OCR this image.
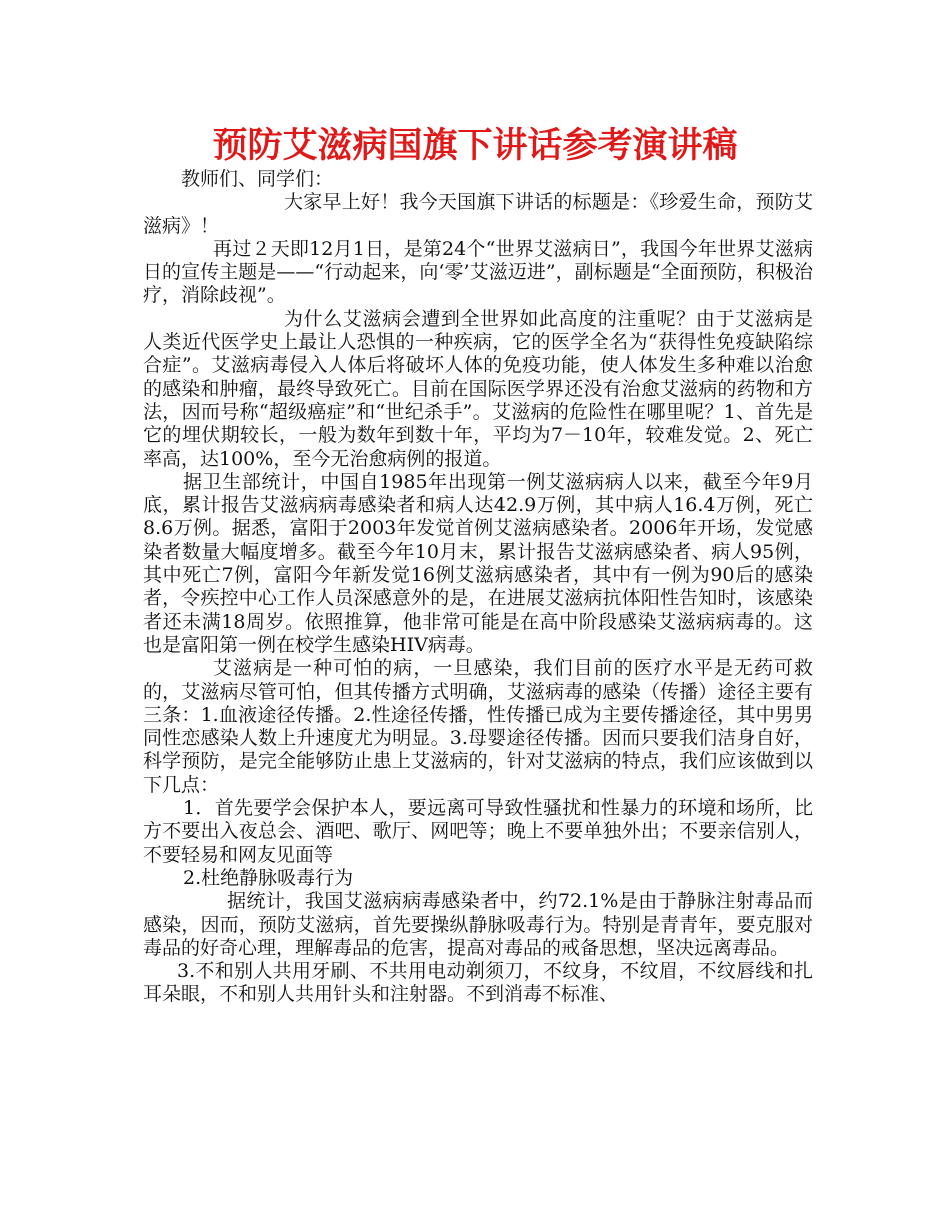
预防艾滋病国旗下讲话参考演讲稿

教师们、同学们：

大家早上好！我今天国旗下讲话的标题是：《珍爱生命，预防艾滋病》！

再过２天即12月1日，是第24个“世界艾滋病日”，我国今年世界艾滋病日的宣传主题是——“行动起来，向‘零’艾滋迈进”，副标题是“全面预防，积极治疗，消除歧视”。

为什么艾滋病会遭到全世界如此高度的注重呢？由于艾滋病是人类近代医学史上最让人恐惧的一种疾病，它的医学全名为“获得性免疫缺陷综合症”。艾滋病毒侵入人体后将破坏人体的免疫功能，使人体发生多种难以治愈的感染和肿瘤，最终导致死亡。目前在国际医学界还没有治愈艾滋病的药物和方法，因而号称“超级癌症”和“世纪杀手”。艾滋病的危险性在哪里呢？1、首先是它的埋伏期较长，一般为数年到数十年，平均为7－10年，较难发觉。2、死亡率高，达100%，至今无治愈病例的报道。

据卫生部统计，中国自1985年出现第一例艾滋病病人以来，截至今年9月底，累计报告艾滋病病毒感染者和病人达42.9万例，其中病人16.4万例，死亡8.6万例。据悉，富阳于2003年发觉首例艾滋病感染者。2006年开场，发觉感染者数量大幅度增多。截至今年10月末，累计报告艾滋病感染者、病人95例，其中死亡7例，富阳今年新发觉16例艾滋病感染者，其中有一例为90后的感染者，令疾控中心工作人员深感意外的是，在进展艾滋病抗体阳性告知时，该感染者还未满18周岁。依照推算，他非常可能是在高中阶段感染艾滋病病毒的。这也是富阳第一例在校学生感染HIV病毒。

艾滋病是一种可怕的病，一旦感染，我们目前的医疗水平是无药可救的，艾滋病尽管可怕，但其传播方式明确，艾滋病毒的感染（传播）途径主要有三条：1.血液途径传播。2.性途径传播，性传播已成为主要传播途径，其中男男同性恋感染人数上升速度尤为明显。3.母婴途径传播。因而只要我们洁身自好，科学预防，是完全能够防止患上艾滋病的，针对艾滋病的特点，我们应该做到以下几点：

1．首先要学会保护本人，要远离可导致性骚扰和性暴力的环境和场所，比方不要出入夜总会、酒吧、歌厅、网吧等；晚上不要单独外出；不要亲信别人，不要轻易和网友见面等

2.杜绝静脉吸毒行为

据统计，我国艾滋病病毒感染者中，约72.1%是由于静脉注射毒品而感染，因而，预防艾滋病，首先要操纵静脉吸毒行为。特别是青青年，要克服对毒品的好奇心理，理解毒品的危害，提高对毒品的戒备思想，坚决远离毒品。

3.不和别人共用牙刷、不共用电动剃须刀，不纹身，不纹眉，不纹唇线和扎耳朵眼，不和别人共用针头和注射器。不到消毒不标准、
